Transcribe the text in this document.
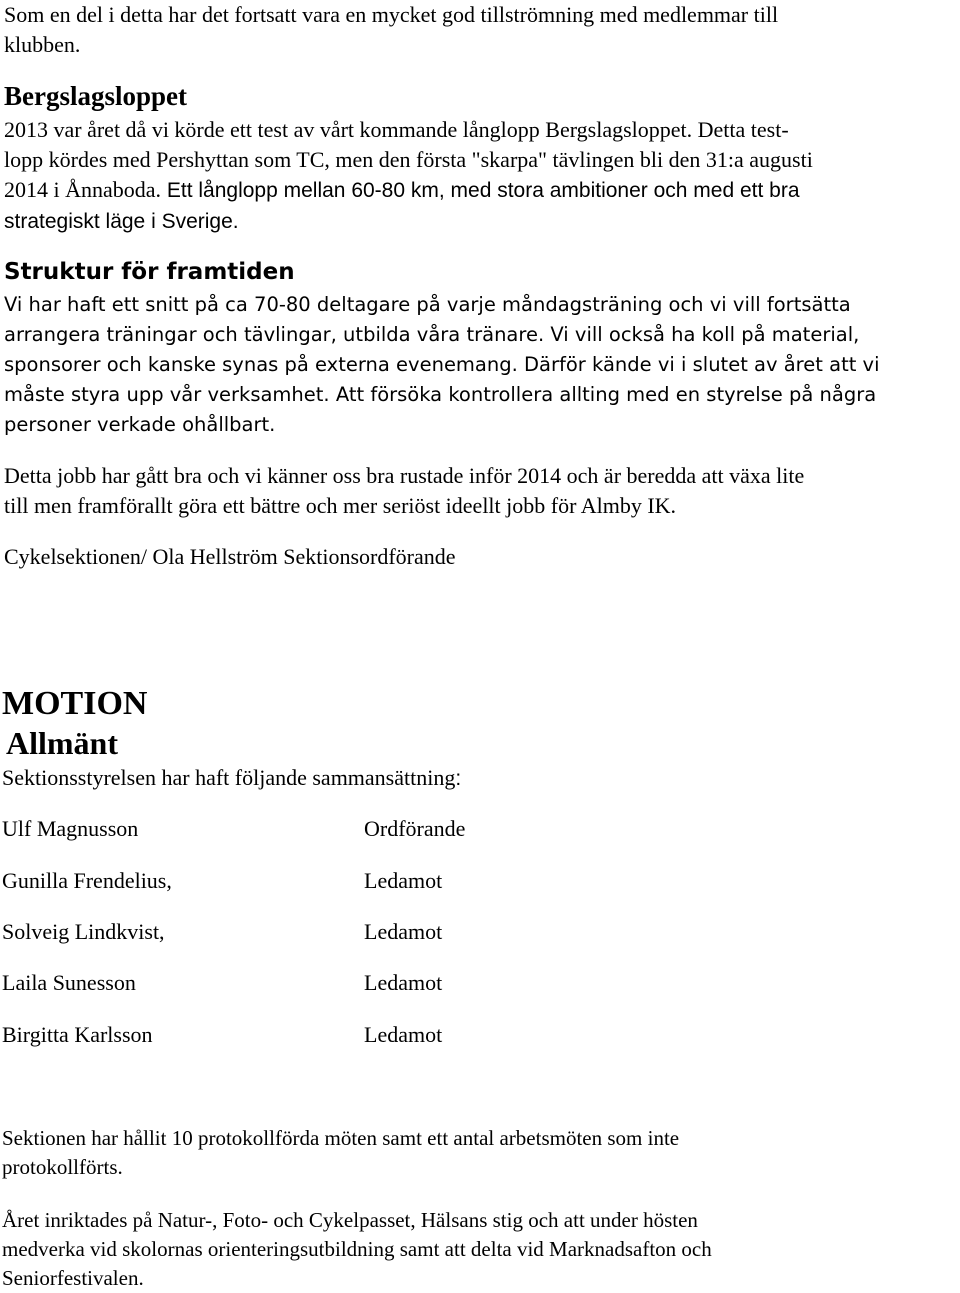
Som en del i detta har det fortsatt vara en mycket god tillströmning med medlemmar till
klubben.

Bergslagsloppet

2013 var året då vi körde ett test av vårt kommande långlopp Bergslagsloppet. Detta test-
lopp kördes med Pershyttan som TC, men den första "skarpa" tävlingen bli den 31:a augusti
2014 i Ånnaboda. Ett långlopp mellan 60-80 km, med stora ambitioner och med ett bra
strategiskt läge i Sverige.

Struktur för framtiden

Vi har haft ett snitt på ca 70-80 deltagare på varje måndagsträning och vi vill fortsätta
arrangera träningar och tävlingar, utbilda våra tränare. Vi vill också ha koll på material,
sponsorer och kanske synas på externa evenemang. Därför kände vi i slutet av året att vi
måste styra upp vår verksamhet. Att försöka kontrollera allting med en styrelse på några
personer verkade ohållbart.

Detta jobb har gått bra och vi känner oss bra rustade inför 2014 och är beredda att växa lite
till men framförallt göra ett bättre och mer seriöst ideellt jobb för Almby IK.

Cykelsektionen/ Ola Hellström Sektionsordförande

MOTION
Allmänt

Sektionsstyrelsen har haft följande sammansättning:

Ulf Magnusson	Ordförande

Gunilla Frendelius,	Ledamot

Solveig Lindkvist,	Ledamot

Laila Sunesson	Ledamot

Birgitta Karlsson	Ledamot

Sektionen har hållit 10 protokollförda möten samt ett antal arbetsmöten som inte
protokollförts.

Året inriktades på Natur-, Foto- och Cykelpasset, Hälsans stig och att under hösten
medverka vid skolornas orienteringsutbildning samt att delta vid Marknadsafton och
Seniorfestivalen.
